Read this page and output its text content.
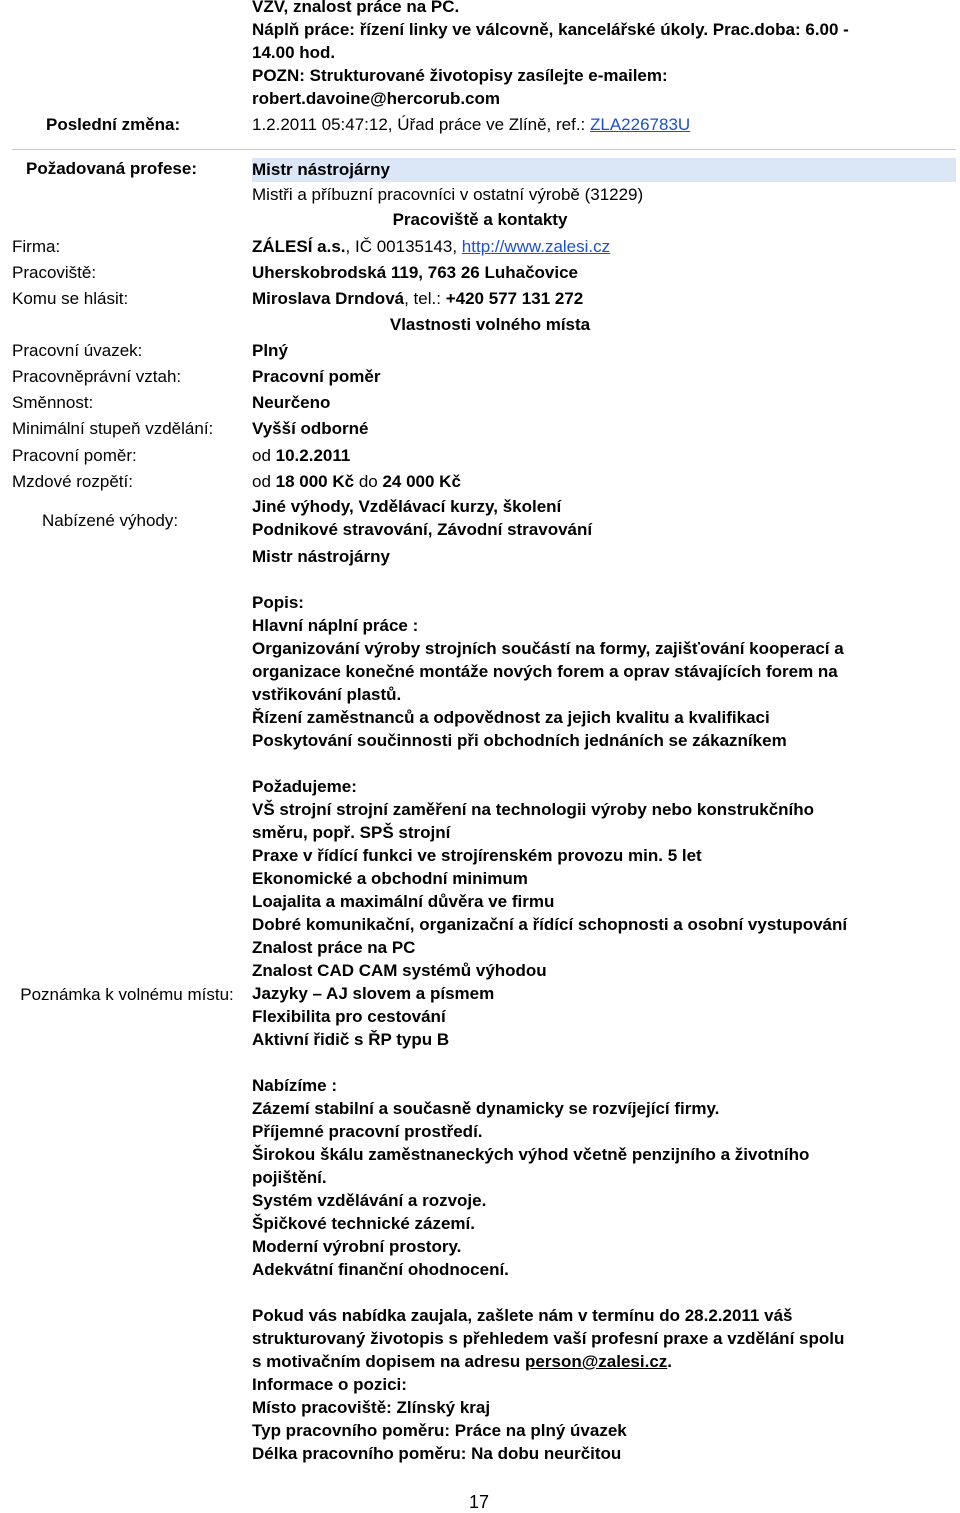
VZV, znalost práce na PC.
Náplň práce: řízení linky ve válcovně, kancelářské úkoly. Prac.doba: 6.00 -
14.00 hod.
POZN: Strukturované životopisy zasílejte e-mailem:
robert.davoine@hercorub.com
Poslední změna:	1.2.2011 05:47:12, Úřad práce ve Zlíně, ref.: ZLA226783U
Požadovaná profese:	Mistr nástrojárny
Mistři a příbuzní pracovníci v ostatní výrobě (31229)
Pracoviště a kontakty
Firma:	ZÁLESÍ a.s., IČ 00135143, http://www.zalesi.cz
Pracoviště:	Uherskobrodská 119, 763 26 Luhačovice
Komu se hlásit:	Miroslava Drndová, tel.: +420 577 131 272
Vlastnosti volného místa
Pracovní úvazek:	Plný
Pracovněprávní vztah:	Pracovní poměr
Směnnost:	Neurčeno
Minimální stupeň vzdělání: Vyšší odborné
Pracovní poměr:	od 10.2.2011
Mzdové rozpětí:	od 18 000 Kč do 24 000 Kč
Nabízené výhody:
Jiné výhody, Vzdělávací kurzy, školení
Podnikové stravování, Závodní stravování
Poznámka k volnému místu:
Mistr nástrojárny
Popis:
Hlavní náplní práce :
Organizování výroby strojních součástí na formy, zajišťování kooperací a
organizace konečné montáže nových forem a oprav stávajících forem na
vstřikování plastů.
Řízení zaměstnanců a odpovědnost za jejich kvalitu a kvalifikaci
Poskytování součinnosti při obchodních jednáních se zákazníkem
Požadujeme:
VŠ strojní strojní zaměření na technologii výroby nebo konstrukčního
směru, popř. SPŠ strojní
Praxe v řídící funkci ve strojírenském provozu min. 5 let
Ekonomické a obchodní minimum
Loajalita a maximální důvěra ve firmu
Dobré komunikační, organizační a řídící schopnosti a osobní vystupování
Znalost práce na PC
Znalost CAD CAM systémů výhodou
Jazyky – AJ slovem a písmem
Flexibilita pro cestování
Aktivní řidič s ŘP typu B
Nabízíme :
Zázemí stabilní a současně dynamicky se rozvíjející firmy.
Příjemné pracovní prostředí.
Širokou škálu zaměstnaneckých výhod včetně penzijního a životního
pojištění.
Systém vzdělávání a rozvoje.
Špičkové technické zázemí.
Moderní výrobní prostory.
Adekvátní finanční ohodnocení.
Pokud vás nabídka zaujala, zašlete nám v termínu do 28.2.2011 váš
strukturovaný životopis s přehledem vaší profesní praxe a vzdělání spolu
s motivačním dopisem na adresu person@zalesi.cz.
Informace o pozici:
Místo pracoviště: Zlínský kraj
Typ pracovního poměru: Práce na plný úvazek
Délka pracovního poměru: Na dobu neurčitou
17
